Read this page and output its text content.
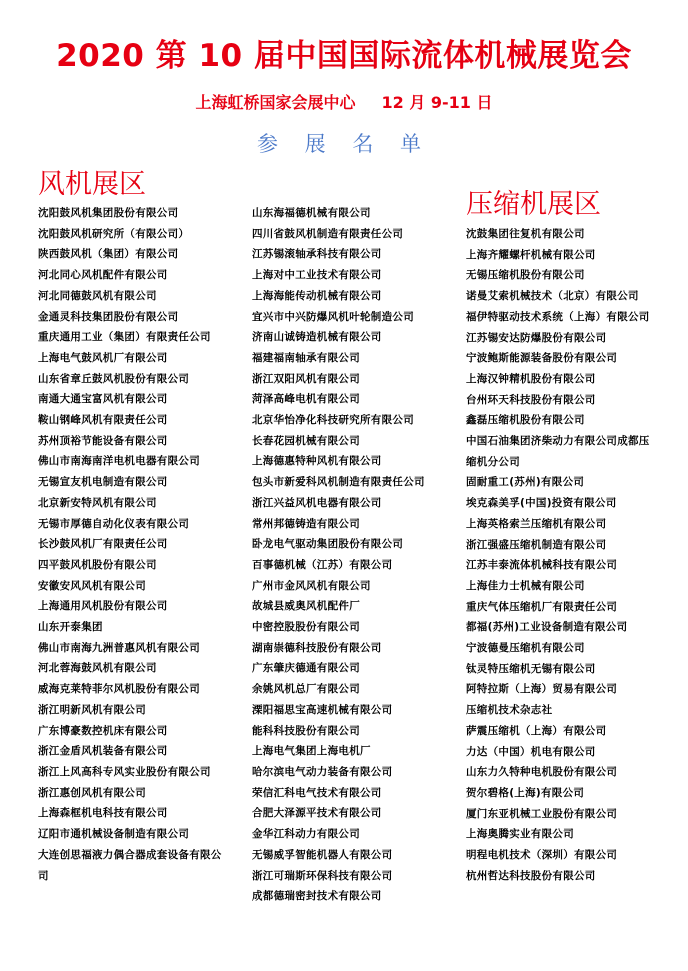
2020 第 10 届中国国际流体机械展览会
上海虹桥国家会展中心 12 月 9-11 日
参 展 名 单
风机展区
压缩机展区
沈阳鼓风机集团股份有限公司
沈阳鼓风机研究所（有限公司）
陕西鼓风机（集团）有限公司
河北同心风机配件有限公司
河北同德鼓风机有限公司
金通灵科技集团股份有限公司
重庆通用工业（集团）有限责任公司
上海电气鼓风机厂有限公司
山东省章丘鼓风机股份有限公司
南通大通宝富风机有限公司
鞍山钢峰风机有限责任公司
苏州顶裕节能设备有限公司
佛山市南海南洋电机电器有限公司
无锡宣友机电制造有限公司
北京新安特风机有限公司
无锡市厚德自动化仪表有限公司
长沙鼓风机厂有限责任公司
四平鼓风机股份有限公司
安徽安风风机有限公司
上海通用风机股份有限公司
山东开泰集团
佛山市南海九洲普惠风机有限公司
河北蓉海鼓风机有限公司
威海克莱特菲尔风机股份有限公司
浙江明新风机有限公司
广东博豪数控机床有限公司
浙江金盾风机装备有限公司
浙江上风高科专风实业股份有限公司
浙江惠创风机有限公司
上海森框机电科技有限公司
辽阳市通机械设备制造有限公司
大连创思福液力偶合器成套设备有限公司
山东海福德机械有限公司
四川省鼓风机制造有限责任公司
江苏锡滚轴承科技有限公司
上海对中工业技术有限公司
上海海能传动机械有限公司
宜兴市中兴防爆风机叶轮制造公司
济南山诚铸造机械有限公司
福建福南轴承有限公司
浙江双阳风机有限公司
菏泽高峰电机有限公司
北京华怡净化科技研究所有限公司
长春花园机械有限公司
上海德惠特种风机有限公司
包头市新爱科风机制造有限责任公司
浙江兴益风机电器有限公司
常州邦德铸造有限公司
卧龙电气驱动集团股份有限公司
百事德机械（江苏）有限公司
广州市金风风机有限公司
故城县威奥风机配件厂
中密控股股份有限公司
湖南崇德科技股份有限公司
广东肇庆德通有限公司
余姚风机总厂有限公司
溧阳福思宝高速机械有限公司
能科科技股份有限公司
上海电气集团上海电机厂
哈尔滨电气动力装备有限公司
荣信汇科电气技术有限公司
合肥大泽源平技术有限公司
金华江科动力有限公司
无锡威孚智能机器人有限公司
浙江可瑞斯环保科技有限公司
成都德瑞密封技术有限公司
沈鼓集团往复机有限公司
上海齐耀螺杆机械有限公司
无锡压缩机股份有限公司
诺曼艾索机械技术（北京）有限公司
福伊特驱动技术系统（上海）有限公司
江苏锡安达防爆股份有限公司
宁波鲍斯能源装备股份有限公司
上海汉钟精机股份有限公司
台州环天科技股份有限公司
鑫磊压缩机股份有限公司
中国石油集团济柴动力有限公司成都压缩机分公司
固耐重工(苏州)有限公司
埃克森美孚(中国)投资有限公司
上海英格索兰压缩机有限公司
浙江强盛压缩机制造有限公司
江苏丰泰流体机械科技有限公司
上海佳力士机械有限公司
重庆气体压缩机厂有限责任公司
都福(苏州)工业设备制造有限公司
宁波德曼压缩机有限公司
钛灵特压缩机无锡有限公司
阿特拉斯（上海）贸易有限公司
压缩机技术杂志社
萨震压缩机（上海）有限公司
力达（中国）机电有限公司
山东力久特种电机股份有限公司
贺尔碧格(上海)有限公司
厦门东亚机械工业股份有限公司
上海奥腾实业有限公司
明程电机技术（深圳）有限公司
杭州哲达科技股份有限公司
